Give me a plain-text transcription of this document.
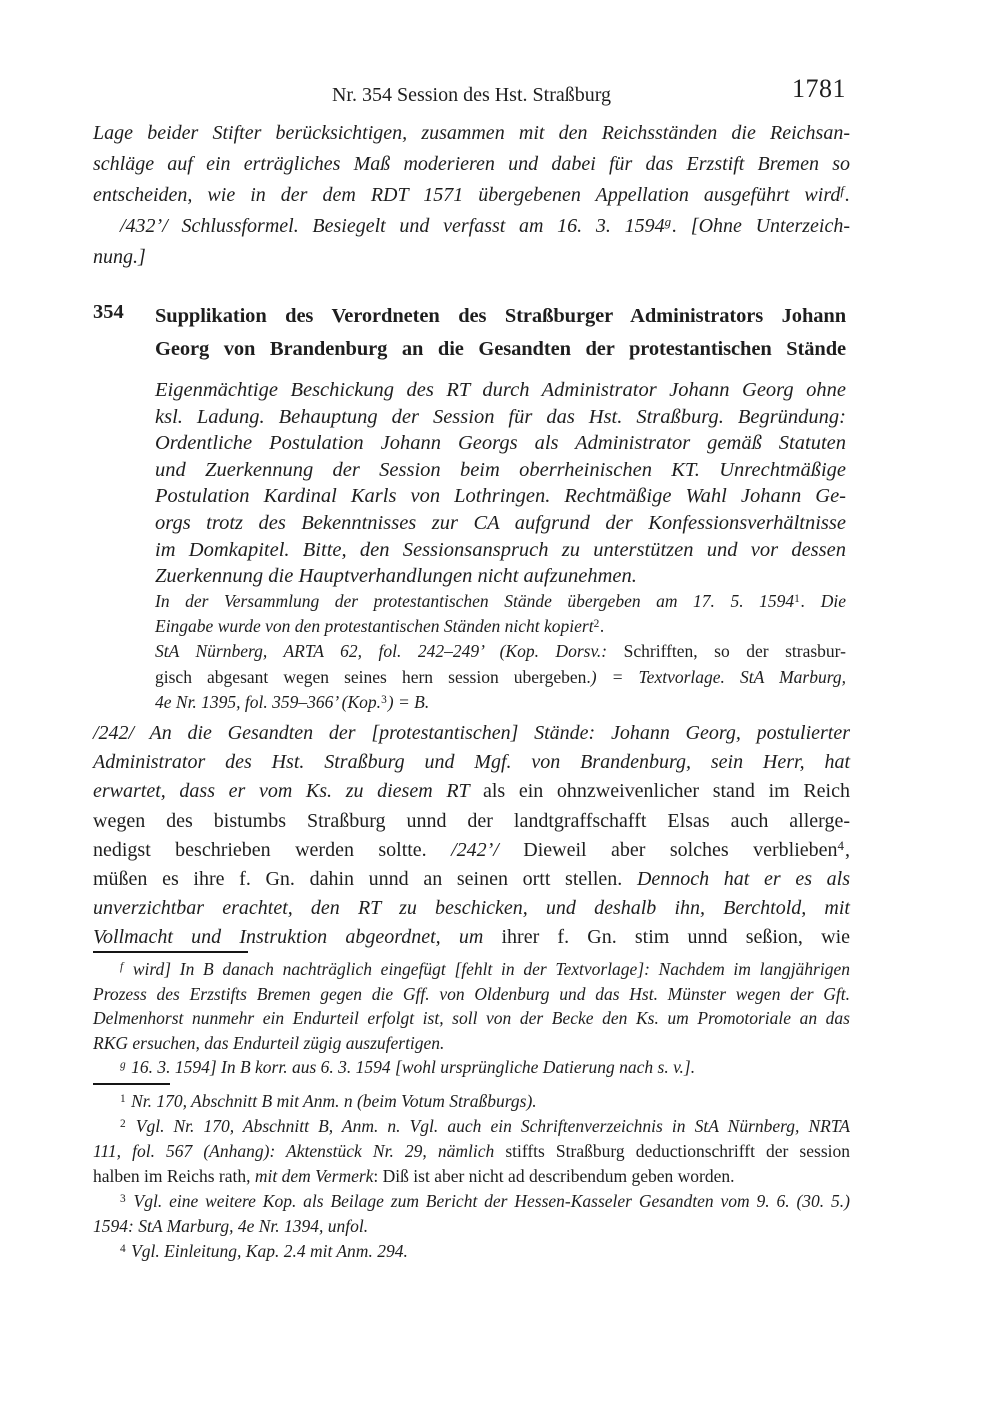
Nr. 354 Session des Hst. Straßburg	1781
Lage beider Stifter berücksichtigen, zusammen mit den Reichsständen die Reichsan-
schläge auf ein erträgliches Maß moderieren und dabei für das Erzstift Bremen so
entscheiden, wie in der dem RDT 1571 übergebenen Appellation ausgeführt wird$^f$.
/432’/ Schlussformel. Besiegelt und verfasst am 16. 3. 1594$^g$. [Ohne Unterzeich-
nung.]
354 Supplikation des Verordneten des Straßburger Administrators Johann
Georg von Brandenburg an die Gesandten der protestantischen Stände
Eigenmächtige Beschickung des RT durch Administrator Johann Georg ohne
ksl. Ladung. Behauptung der Session für das Hst. Straßburg. Begründung:
Ordentliche Postulation Johann Georgs als Administrator gemäß Statuten
und Zuerkennung der Session beim oberrheinischen KT. Unrechtmäßige
Postulation Kardinal Karls von Lothringen. Rechtmäßige Wahl Johann Ge-
orgs trotz des Bekenntnisses zur CA aufgrund der Konfessionsverhältnisse
im Domkapitel. Bitte, den Sessionsanspruch zu unterstützen und vor dessen
Zuerkennung die Hauptverhandlungen nicht aufzunehmen.
In der Versammlung der protestantischen Stände übergeben am 17. 5. 1594$^1$. Die
Eingabe wurde von den protestantischen Ständen nicht kopiert$^2$.
StA Nürnberg, ARTA 62, fol. 242–249’ (Kop. Dorsv.: Schrifften, so der strasbur-
gisch abgesant wegen seines hern session ubergeben.) = Textvorlage. StA Marburg,
4e Nr. 1395, fol. 359–366’ (Kop.$^3$) = B.
/242/ An die Gesandten der [protestantischen] Stände: Johann Georg, postulierter
Administrator des Hst. Straßburg und Mgf. von Brandenburg, sein Herr, hat
erwartet, dass er vom Ks. zu diesem RT als ein ohnzweivenlicher stand im Reich
wegen des bistumbs Straßburg unnd der landtgraffschafft Elsas auch allerge-
nedigst beschrieben werden soltte. /242’/ Dieweil aber solches verblieben$^4$,
müßen es ihre f. Gn. dahin unnd an seinen ortt stellen. Dennoch hat er es als
unverzichtbar erachtet, den RT zu beschicken, und deshalb ihn, Berchtold, mit
Vollmacht und Instruktion abgeordnet, um ihrer f. Gn. stim unnd seßion, wie
$^f$ wird] In B danach nachträglich eingefügt [fehlt in der Textvorlage]: Nachdem im langjährigen
Prozess des Erzstifts Bremen gegen die Gff. von Oldenburg und das Hst. Münster wegen der Gft.
Delmenhorst nunmehr ein Endurteil erfolgt ist, soll von der Becke den Ks. um Promotoriale an das
RKG ersuchen, das Endurteil zügig auszufertigen.
$^g$ 16. 3. 1594] In B korr. aus 6. 3. 1594 [wohl ursprüngliche Datierung nach s. v.].
$^1$ Nr. 170, Abschnitt B mit Anm. n (beim Votum Straßburgs).
$^2$ Vgl. Nr. 170, Abschnitt B, Anm. n. Vgl. auch ein Schriftenverzeichnis in StA Nürnberg, NRTA
111, fol. 567 (Anhang): Aktenstück Nr. 29, nämlich stiffts Straßburg deductionschrifft der session
halben im Reichs rath, mit dem Vermerk: Diß ist aber nicht ad describendum geben worden.
$^3$ Vgl. eine weitere Kop. als Beilage zum Bericht der Hessen-Kasseler Gesandten vom 9. 6. (30. 5.)
1594: StA Marburg, 4e Nr. 1394, unfol.
$^4$ Vgl. Einleitung, Kap. 2.4 mit Anm. 294.
